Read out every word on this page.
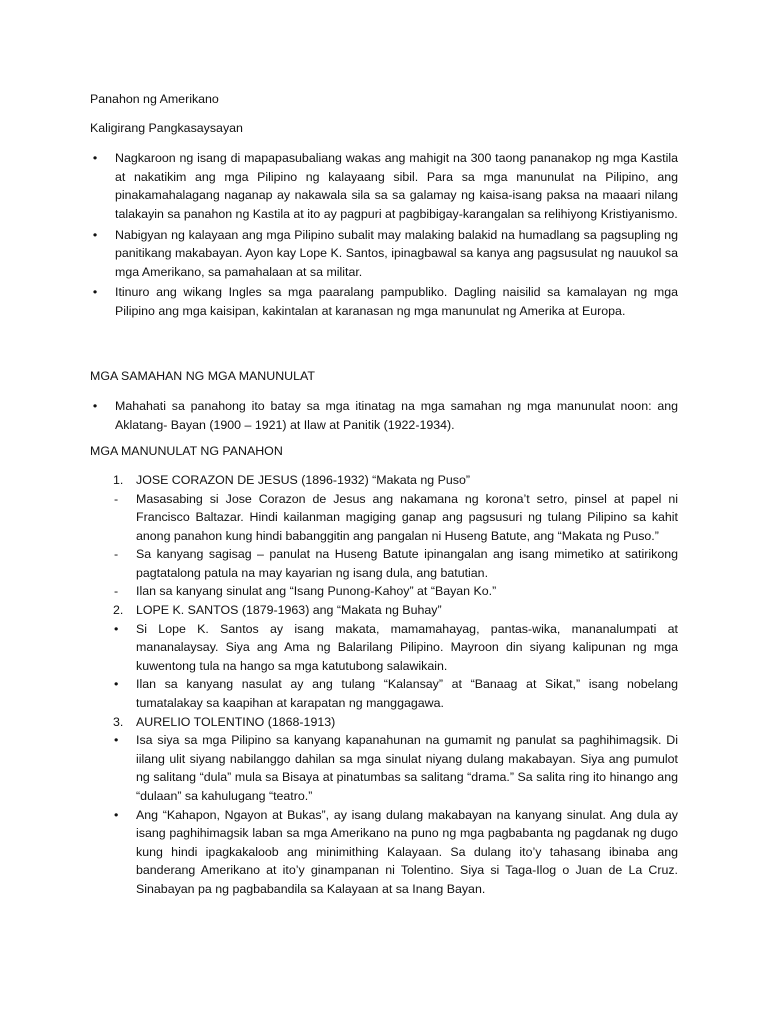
Panahon ng Amerikano

Kaligirang Pangkasaysayan

• Nagkaroon ng isang di mapapasubaliang wakas ang mahigit na 300 taong pananakop ng mga Kastila at nakatikim ang mga Pilipino ng kalayaang sibil. Para sa mga manunulat na Pilipino, ang pinakamahalagang naganap ay nakawala sila sa sa galamay ng kaisa-isang paksa na maaari nilang talakayin sa panahon ng Kastila at ito ay pagpuri at pagbibigay-karangalan sa relihiyong Kristiyanismo.
• Nabigyan ng kalayaan ang mga Pilipino subalit may malaking balakid na humadlang sa pagsupling ng panitikang makabayan. Ayon kay Lope K. Santos, ipinagbawal sa kanya ang pagsusulat ng nauukol sa mga Amerikano, sa pamahalaan at sa militar.
• Itinuro ang wikang Ingles sa mga paaralang pampubliko. Dagling naisilid sa kamalayan ng mga Pilipino ang mga kaisipan, kakintalan at karanasan ng mga manunulat ng Amerika at Europa.

MGA SAMAHAN NG MGA MANUNULAT

• Mahahati sa panahong ito batay sa mga itinatag na mga samahan ng mga manunulat noon: ang Aklatang- Bayan (1900 – 1921) at Ilaw at Panitik (1922-1934).

MGA MANUNULAT NG PANAHON

1. JOSE CORAZON DE JESUS (1896-1932) “Makata ng Puso”
-	Masasabing si Jose Corazon de Jesus ang nakamana ng korona’t setro, pinsel at papel ni Francisco Baltazar. Hindi kailanman magiging ganap ang pagsusuri ng tulang Pilipino sa kahit anong panahon kung hindi babanggitin ang pangalan ni Huseng Batute, ang “Makata ng Puso.”
-	Sa kanyang sagisag – panulat na Huseng Batute ipinangalan ang isang mimetiko at satirikong pagtatalong patula na may kayarian ng isang dula, ang batutian.
-	Ilan sa kanyang sinulat ang “Isang Punong-Kahoy” at “Bayan Ko.”
2. LOPE K. SANTOS (1879-1963) ang “Makata ng Buhay”
•	Si Lope K. Santos ay isang makata, mamamahayag, pantas-wika, mananalumpati at mananalaysay. Siya ang Ama ng Balarilang Pilipino. Mayroon din siyang kalipunan ng mga kuwentong tula na hango sa mga katutubong salawikain.
•	Ilan sa kanyang nasulat ay ang tulang “Kalansay” at “Banaag at Sikat,” isang nobelang tumatalakay sa kaapihan at karapatan ng manggagawa.
3. AURELIO TOLENTINO (1868-1913)
•	Isa siya sa mga Pilipino sa kanyang kapanahunan na gumamit ng panulat sa paghihimagsik. Di iilang ulit siyang nabilanggo dahilan sa mga sinulat niyang dulang makabayan. Siya ang pumulot ng salitang “dula” mula sa Bisaya at pinatumbas sa salitang “drama.” Sa salita ring ito hinango ang “dulaan” sa kahulugang “teatro.”
•	Ang “Kahapon, Ngayon at Bukas”, ay isang dulang makabayan na kanyang sinulat. Ang dula ay isang paghihimagsik laban sa mga Amerikano na puno ng mga pagbabanta ng pagdanak ng dugo kung hindi ipagkakaloob ang minimithing Kalayaan. Sa dulang ito’y tahasang ibinaba ang banderang Amerikano at ito’y ginampanan ni Tolentino. Siya si Taga-Ilog o Juan de La Cruz. Sinabayan pa ng pagbabandila sa Kalayaan at sa Inang Bayan.
